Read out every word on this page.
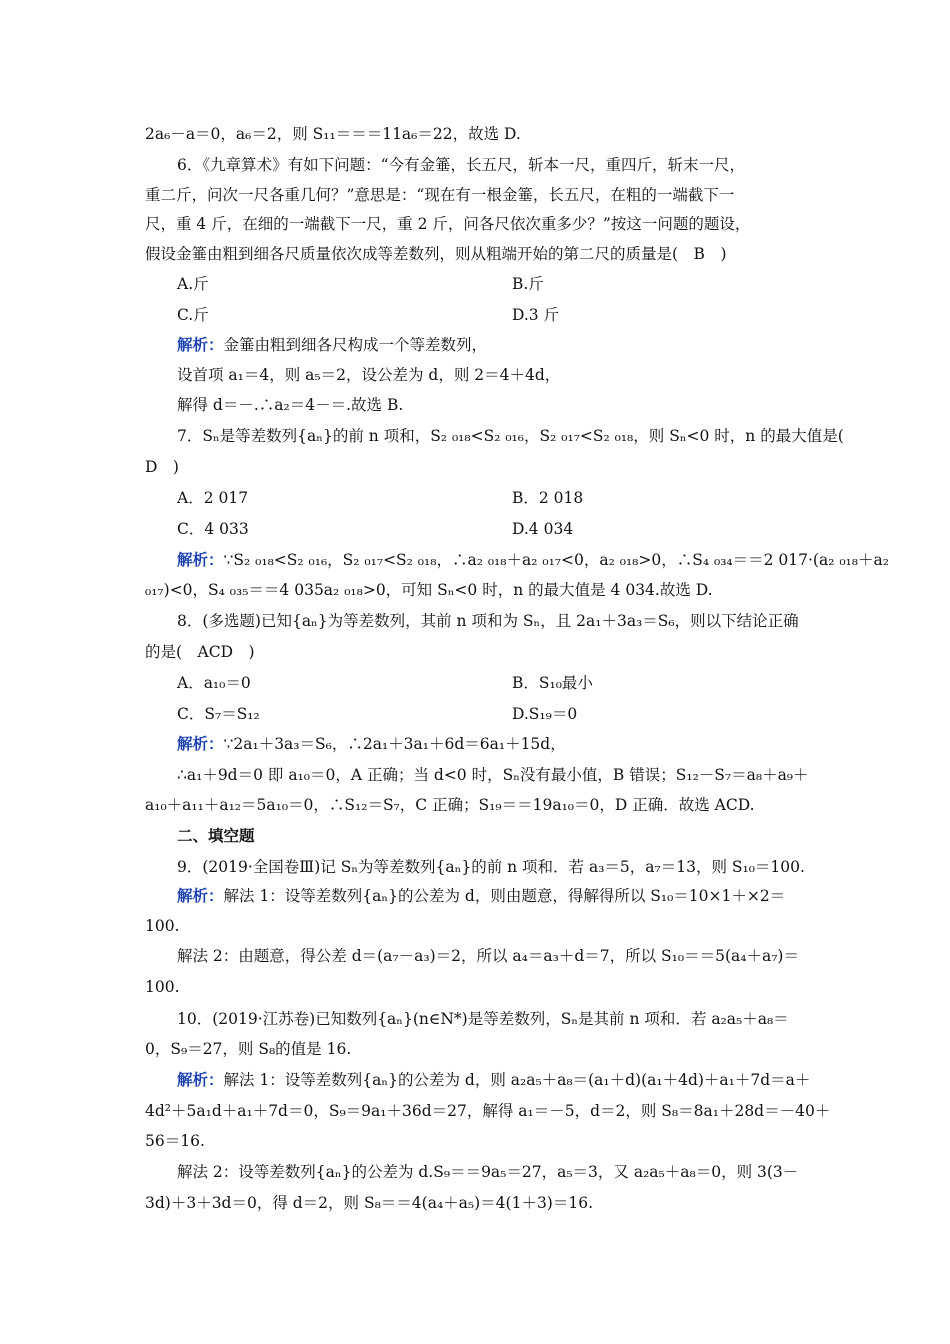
2a₆－a＝0，a₆＝2，则 S₁₁＝＝＝11a₆＝22，故选 D.
6．《九章算术》有如下问题：“今有金箠，长五尺，斩本一尺，重四斤，斩末一尺，
重二斤，问次一尺各重几何？”意思是：“现在有一根金箠，长五尺，在粗的一端截下一
尺，重 4 斤，在细的一端截下一尺，重 2 斤，问各尺依次重多少？”按这一问题的题设，
假设金箠由粗到细各尺质量依次成等差数列，则从粗端开始的第二尺的质量是(　B　)
A.斤	B.斤
C.斤	D.3 斤
解析：金箠由粗到细各尺构成一个等差数列，
设首项 a₁＝4，则 a₅＝2，设公差为 d，则 2＝4＋4d，
解得 d＝－.∴a₂＝4－＝.故选 B.
7．Sₙ是等差数列{aₙ}的前 n 项和，S₂ ₀₁₈<S₂ ₀₁₆，S₂ ₀₁₇<S₂ ₀₁₈，则 Sₙ<0 时，n 的最大值是(
D　)
A．2 017	B．2 018
C．4 033	D.4 034
解析：∵S₂ ₀₁₈<S₂ ₀₁₆，S₂ ₀₁₇<S₂ ₀₁₈，∴a₂ ₀₁₈＋a₂ ₀₁₇<0，a₂ ₀₁₈>0，∴S₄ ₀₃₄＝＝2 017·(a₂ ₀₁₈＋a₂
₀₁₇)<0，S₄ ₀₃₅＝＝4 035a₂ ₀₁₈>0，可知 Sₙ<0 时，n 的最大值是 4 034.故选 D.
8．(多选题)已知{aₙ}为等差数列，其前 n 项和为 Sₙ，且 2a₁＋3a₃＝S₆，则以下结论正确
的是(　ACD　)
A．a₁₀＝0	B．S₁₀最小
C．S₇＝S₁₂	D.S₁₉＝0
解析：∵2a₁＋3a₃＝S₆，∴2a₁＋3a₁＋6d＝6a₁＋15d，
∴a₁＋9d＝0 即 a₁₀＝0，A 正确；当 d<0 时，Sₙ没有最小值，B 错误；S₁₂－S₇＝a₈＋a₉＋
a₁₀＋a₁₁＋a₁₂＝5a₁₀＝0，∴S₁₂＝S₇，C 正确；S₁₉＝＝19a₁₀＝0，D 正确．故选 ACD.
二、填空题
9．(2019·全国卷Ⅲ)记 Sₙ为等差数列{aₙ}的前 n 项和．若 a₃＝5，a₇＝13，则 S₁₀＝100.
解析：解法 1：设等差数列{aₙ}的公差为 d，则由题意，得解得所以 S₁₀＝10×1＋×2＝
100.
解法 2：由题意，得公差 d＝(a₇－a₃)＝2，所以 a₄＝a₃＋d＝7，所以 S₁₀＝＝5(a₄＋a₇)＝
100.
10．(2019·江苏卷)已知数列{aₙ}(n∈N*)是等差数列，Sₙ是其前 n 项和．若 a₂a₅＋a₈＝
0，S₉＝27，则 S₈的值是 16.
解析：解法 1：设等差数列{aₙ}的公差为 d，则 a₂a₅＋a₈＝(a₁＋d)(a₁＋4d)＋a₁＋7d＝a＋
4d²＋5a₁d＋a₁＋7d＝0，S₉＝9a₁＋36d＝27，解得 a₁＝－5，d＝2，则 S₈＝8a₁＋28d＝－40＋
56＝16.
解法 2：设等差数列{aₙ}的公差为 d.S₉＝＝9a₅＝27，a₅＝3，又 a₂a₅＋a₈＝0，则 3(3－
3d)＋3＋3d＝0，得 d＝2，则 S₈＝＝4(a₄＋a₅)＝4(1＋3)＝16.
